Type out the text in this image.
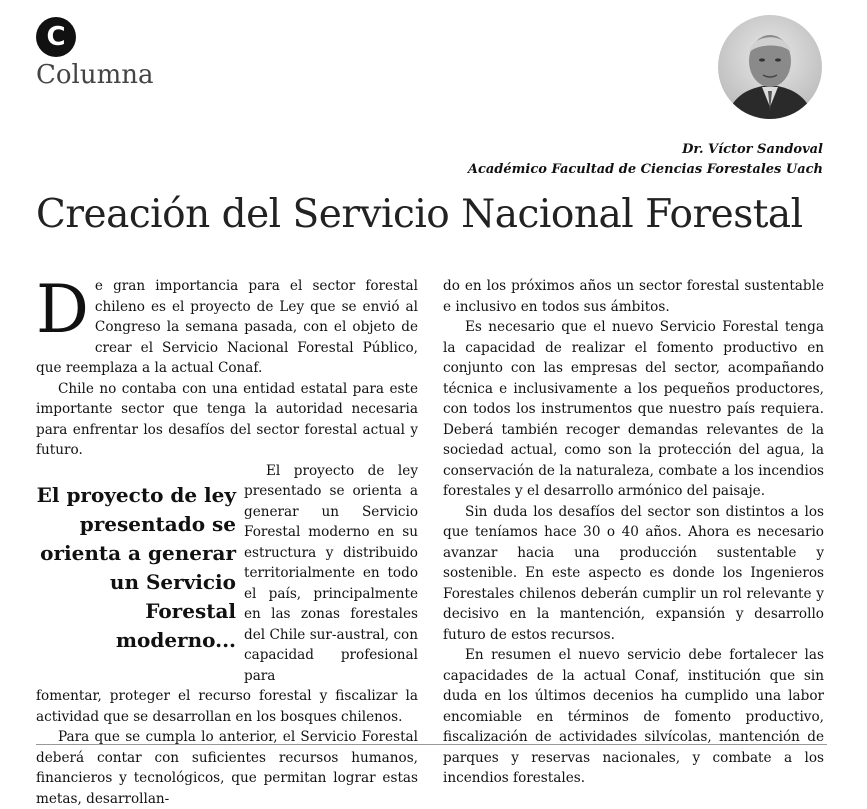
C
Columna
Dr. Víctor Sandoval
Académico Facultad de Ciencias Forestales Uach
Creación del Servicio Nacional Forestal

De gran importancia para el sector forestal chileno es el proyecto de Ley que se envió al Congreso la semana pasada, con el objeto de crear el Servicio Nacional Forestal Público, que reemplaza a la actual Conaf.

Chile no contaba con una entidad estatal para este importante sector que tenga la autoridad necesaria para enfrentar los desafíos del sector forestal actual y futuro.

El proyecto de ley presentado se orienta a generar un Servicio Forestal moderno...

El proyecto de ley presentado se orienta a generar un Servicio Forestal moderno en su estructura y distribuido territorialmente en todo el país, principalmente en las zonas forestales del Chile sur-austral, con capacidad profesional para

fomentar, proteger el recurso forestal y fiscalizar la actividad que se desarrollan en los bosques chilenos.

Para que se cumpla lo anterior, el Servicio Forestal deberá contar con suficientes recursos humanos, financieros y tecnológicos, que permitan lograr estas metas, desarrollan-

do en los próximos años un sector forestal sustentable e inclusivo en todos sus ámbitos.

Es necesario que el nuevo Servicio Forestal tenga la capacidad de realizar el fomento productivo en conjunto con las empresas del sector, acompañando técnica e inclusivamente a los pequeños productores, con todos los instrumentos que nuestro país requiera. Deberá también recoger demandas relevantes de la sociedad actual, como son la protección del agua, la conservación de la naturaleza, combate a los incendios forestales y el desarrollo armónico del paisaje.

Sin duda los desafíos del sector son distintos a los que teníamos hace 30 o 40 años. Ahora es necesario avanzar hacia una producción sustentable y sostenible. En este aspecto es donde los Ingenieros Forestales chilenos deberán cumplir un rol relevante y decisivo en la mantención, expansión y desarrollo futuro de estos recursos.

En resumen el nuevo servicio debe fortalecer las capacidades de la actual Conaf, institución que sin duda en los últimos decenios ha cumplido una labor encomiable en términos de fomento productivo, fiscalización de actividades silvícolas, mantención de parques y reservas nacionales, y combate a los incendios forestales.
